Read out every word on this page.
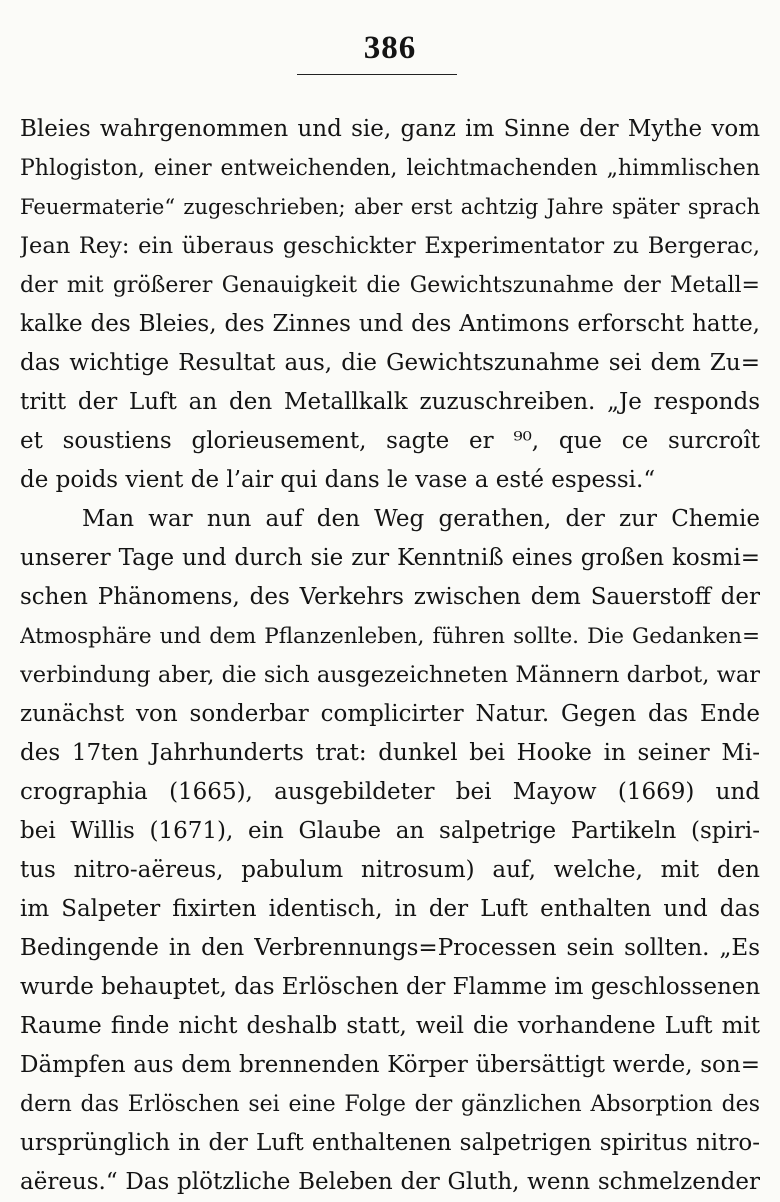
386
Bleies wahrgenommen und sie, ganz im Sinne der Mythe vom
Phlogiston, einer entweichenden, leichtmachenden „himmlischen
Feuermaterie“ zugeschrieben; aber erst achtzig Jahre später sprach
Jean Rey: ein überaus geschickter Experimentator zu Bergerac,
der mit größerer Genauigkeit die Gewichtszunahme der Metall=
kalke des Bleies, des Zinnes und des Antimons erforscht hatte,
das wichtige Resultat aus, die Gewichtszunahme sei dem Zu=
tritt der Luft an den Metallkalk zuzuschreiben. „Je responds
et soustiens glorieusement, sagte er ⁹⁰, que ce surcroît
de poids vient de l’air qui dans le vase a esté espessi.“
Man war nun auf den Weg gerathen, der zur Chemie
unserer Tage und durch sie zur Kenntniß eines großen kosmi=
schen Phänomens, des Verkehrs zwischen dem Sauerstoff der
Atmosphäre und dem Pflanzenleben, führen sollte. Die Gedanken=
verbindung aber, die sich ausgezeichneten Männern darbot, war
zunächst von sonderbar complicirter Natur. Gegen das Ende
des 17ten Jahrhunderts trat: dunkel bei Hooke in seiner Mi-
crographia (1665), ausgebildeter bei Mayow (1669) und
bei Willis (1671), ein Glaube an salpetrige Partikeln (spiri-
tus nitro-aëreus, pabulum nitrosum) auf, welche, mit den
im Salpeter fixirten identisch, in der Luft enthalten und das
Bedingende in den Verbrennungs=Processen sein sollten. „Es
wurde behauptet, das Erlöschen der Flamme im geschlossenen
Raume finde nicht deshalb statt, weil die vorhandene Luft mit
Dämpfen aus dem brennenden Körper übersättigt werde, son=
dern das Erlöschen sei eine Folge der gänzlichen Absorption des
ursprünglich in der Luft enthaltenen salpetrigen spiritus nitro-
aëreus.“ Das plötzliche Beleben der Gluth, wenn schmelzender
